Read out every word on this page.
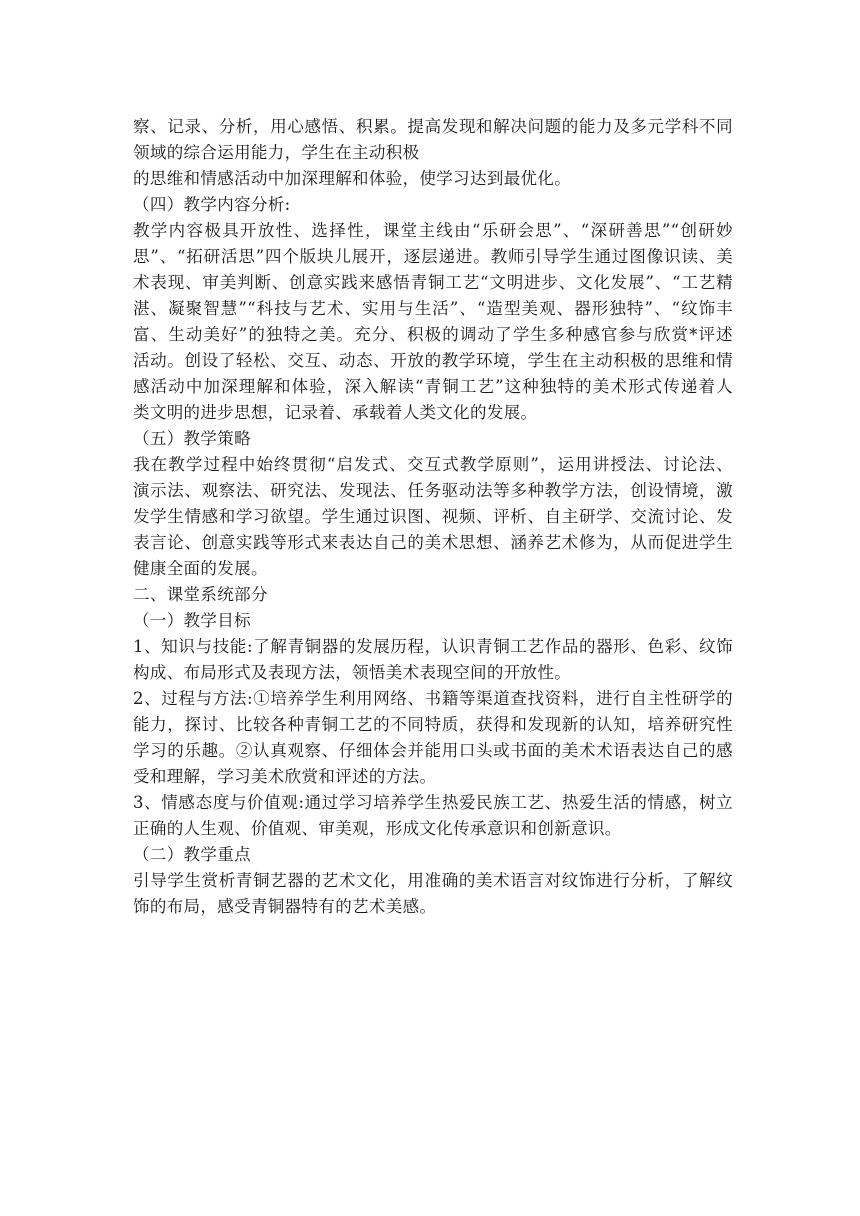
察、记录、分析，用心感悟、积累。提高发现和解决问题的能力及多元学科不同

领域的综合运用能力，学生在主动积极

的思维和情感活动中加深理解和体验，使学习达到最优化。

（四）教学内容分析:

教学内容极具开放性、选择性，课堂主线由“乐研会思”、“深研善思”“创研妙

思”、“拓研活思”四个版块儿展开，逐层递进。教师引导学生通过图像识读、美

术表现、审美判断、创意实践来感悟青铜工艺“文明进步、文化发展”、“工艺精

湛、凝聚智慧”“科技与艺术、实用与生活”、“造型美观、器形独特”、“纹饰丰

富、生动美好”的独特之美。充分、积极的调动了学生多种感官参与欣赏*评述

活动。创设了轻松、交互、动态、开放的教学环境，学生在主动积极的思维和情

感活动中加深理解和体验，深入解读“青铜工艺”这种独特的美术形式传递着人

类文明的进步思想，记录着、承载着人类文化的发展。

（五）教学策略

我在教学过程中始终贯彻“启发式、交互式教学原则”，运用讲授法、讨论法、

演示法、观察法、研究法、发现法、任务驱动法等多种教学方法，创设情境，激

发学生情感和学习欲望。学生通过识图、视频、评析、自主研学、交流讨论、发

表言论、创意实践等形式来表达自己的美术思想、涵养艺术修为，从而促进学生

健康全面的发展。

二、课堂系统部分

（一）教学目标

1、知识与技能:了解青铜器的发展历程，认识青铜工艺作品的器形、色彩、纹饰

构成、布局形式及表现方法，领悟美术表现空间的开放性。

2、过程与方法:①培养学生利用网络、书籍等渠道查找资料，进行自主性研学的

能力，探讨、比较各种青铜工艺的不同特质，获得和发现新的认知，培养研究性

学习的乐趣。②认真观察、仔细体会并能用口头或书面的美术术语表达自己的感

受和理解，学习美术欣赏和评述的方法。

3、情感态度与价值观:通过学习培养学生热爱民族工艺、热爱生活的情感，树立

正确的人生观、价值观、审美观，形成文化传承意识和创新意识。

（二）教学重点

引导学生赏析青铜艺器的艺术文化，用准确的美术语言对纹饰进行分析，了解纹

饰的布局，感受青铜器特有的艺术美感。
